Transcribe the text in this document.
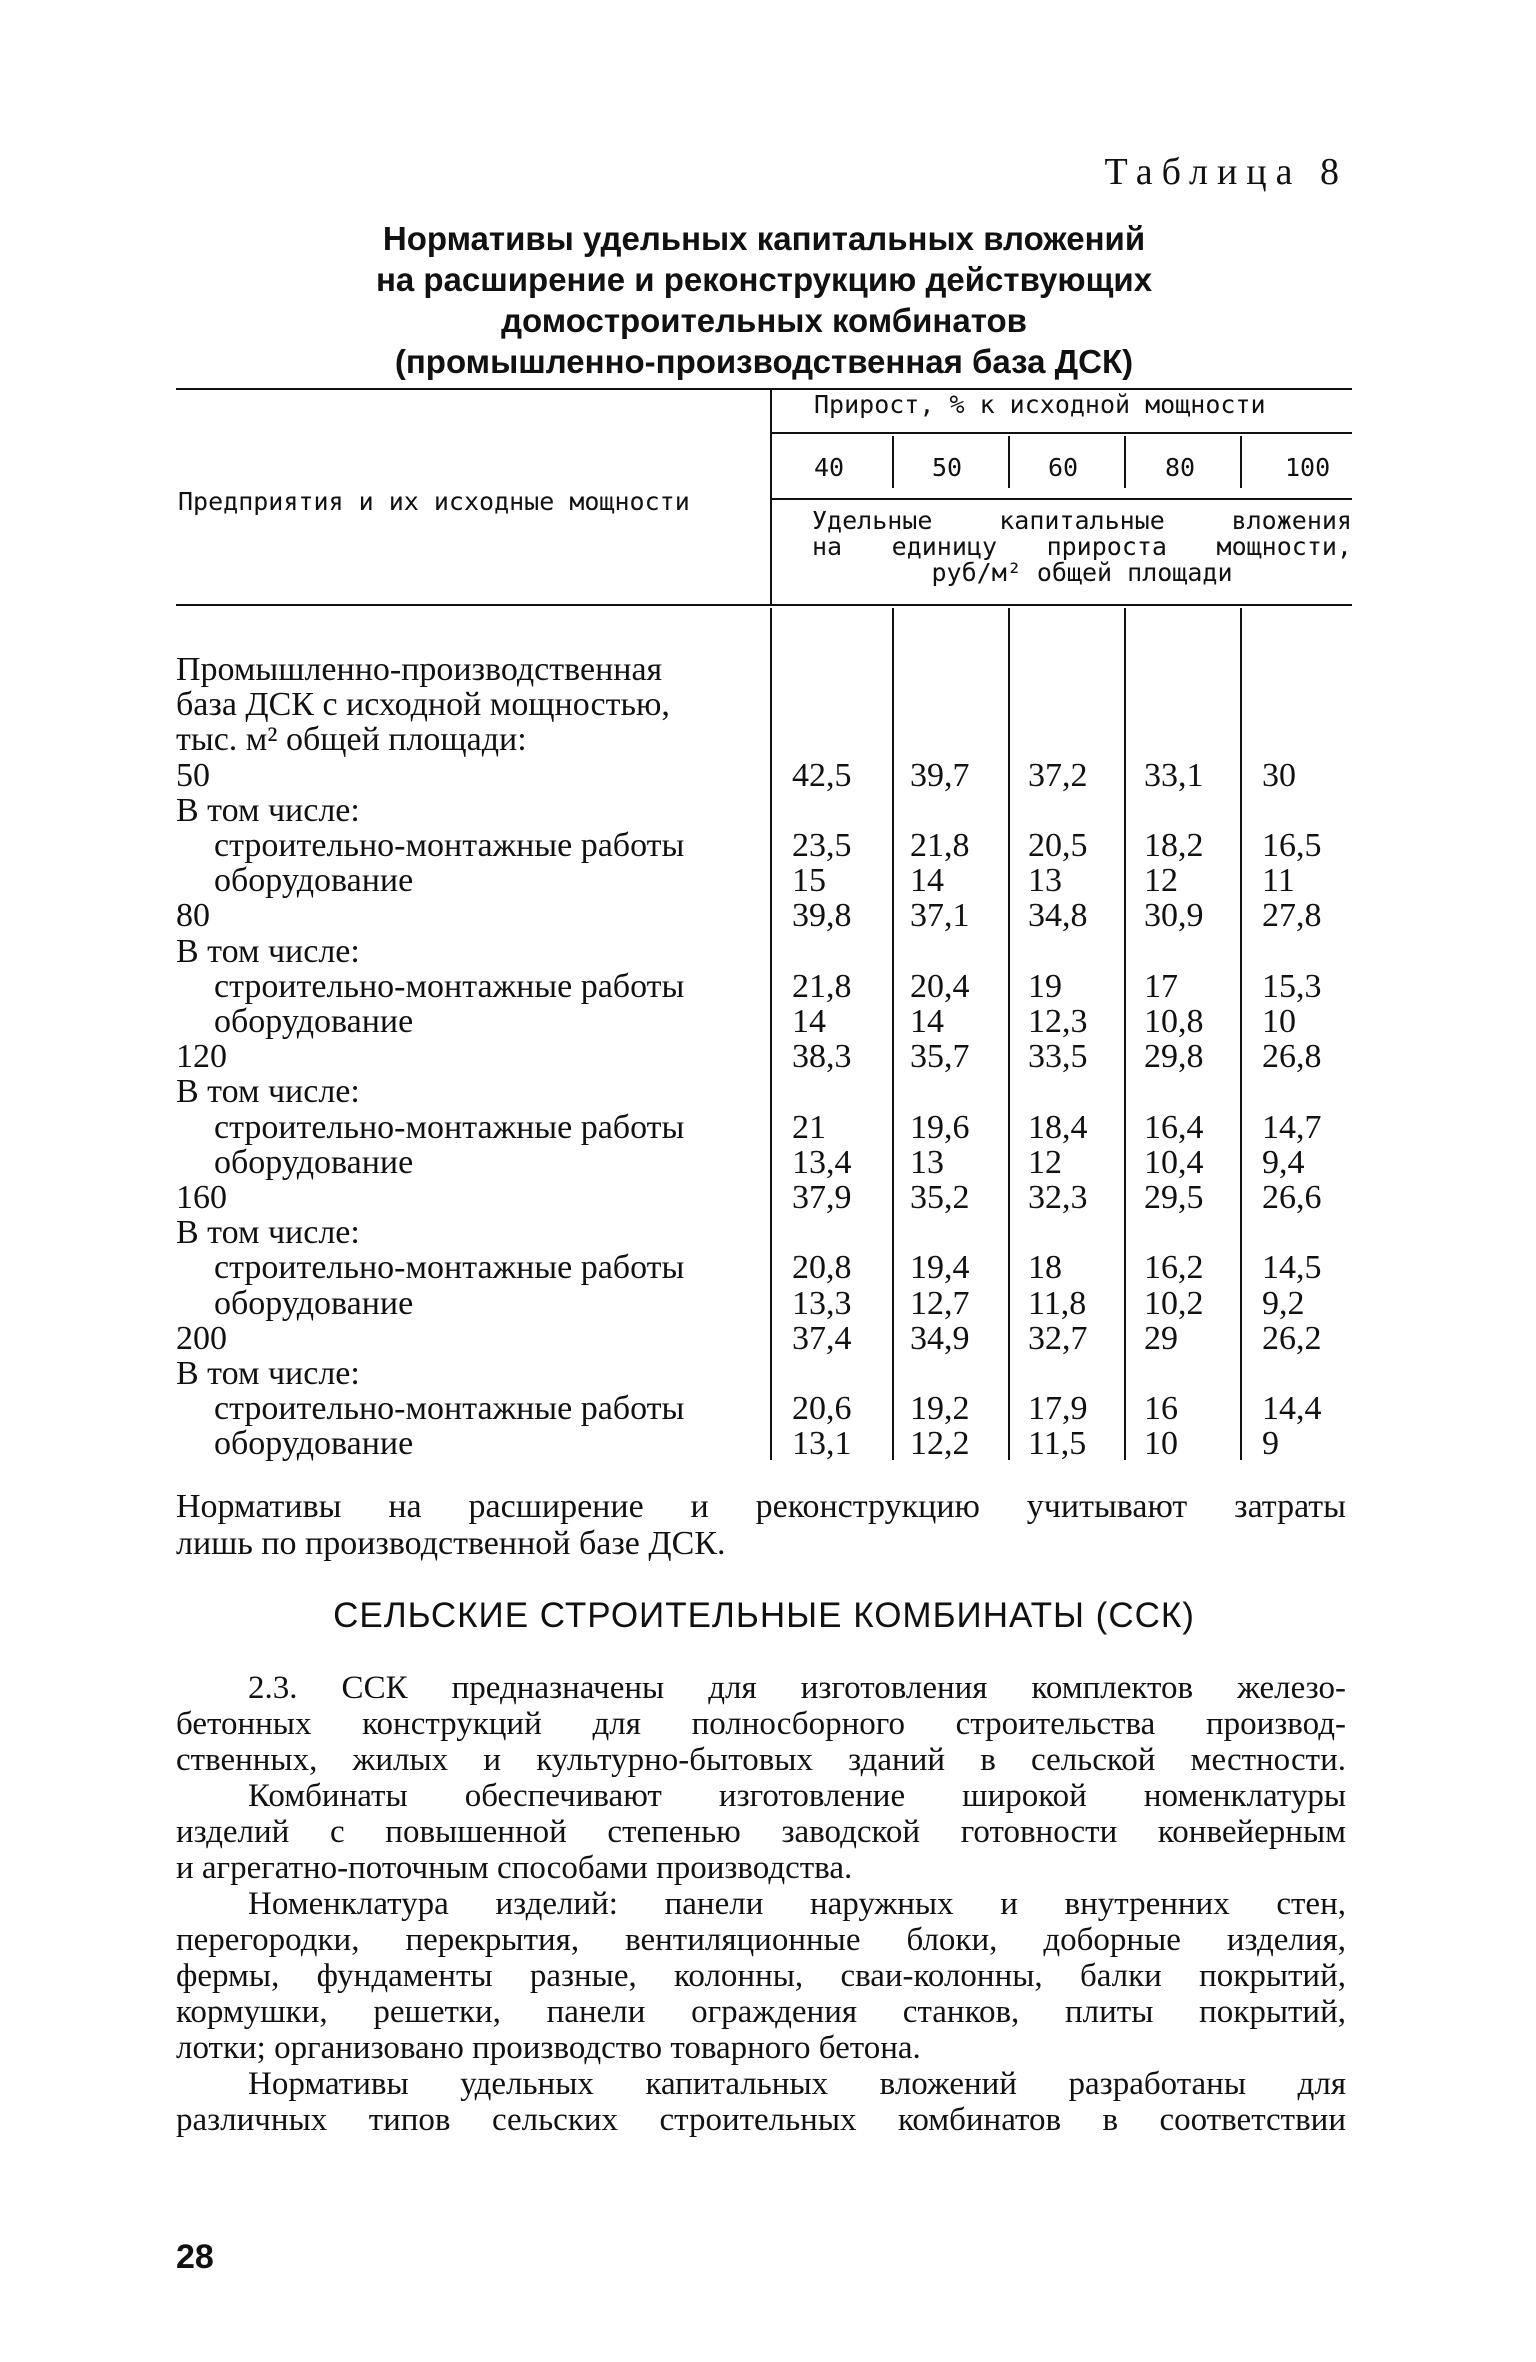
Таблица 8
Нормативы удельных капитальных вложений
на расширение и реконструкцию действующих
домостроительных комбинатов
(промышленно-производственная база ДСК)
Предприятия и их исходные мощности
Прирост, % к исходной мощности
40	50	60	80	100
Удельные капитальные вложения
на единицу прироста мощности,
руб/м² общей площади
Промышленно-производственная
база ДСК с исходной мощностью,
тыс. м² общей площади:
50	42,5 39,7 37,2 33,1 30
В том числе:
строительно-монтажные работы	23,5 21,8 20,5 18,2 16,5
оборудование	15 14 13 12 11
80	39,8 37,1 34,8 30,9 27,8
В том числе:
строительно-монтажные работы	21,8 20,4 19 17 15,3
оборудование	14 14 12,3 10,8 10
120	38,3 35,7 33,5 29,8 26,8
В том числе:
строительно-монтажные работы	21 19,6 18,4 16,4 14,7
оборудование	13,4 13 12 10,4 9,4
160	37,9 35,2 32,3 29,5 26,6
В том числе:
строительно-монтажные работы	20,8 19,4 18 16,2 14,5
оборудование	13,3 12,7 11,8 10,2 9,2
200	37,4 34,9 32,7 29 26,2
В том числе:
строительно-монтажные работы	20,6 19,2 17,9 16 14,4
оборудование	13,1 12,2 11,5 10 9
Нормативы на расширение и реконструкцию учитывают затраты
лишь по производственной базе ДСК.
СЕЛЬСКИЕ СТРОИТЕЛЬНЫЕ КОМБИНАТЫ (ССК)
2.3. ССК предназначены для изготовления комплектов железо-
бетонных конструкций для полносборного строительства производ-
ственных, жилых и культурно-бытовых зданий в сельской местности.
Комбинаты обеспечивают изготовление широкой номенклатуры
изделий с повышенной степенью заводской готовности конвейерным
и агрегатно-поточным способами производства.
Номенклатура изделий: панели наружных и внутренних стен,
перегородки, перекрытия, вентиляционные блоки, доборные изделия,
фермы, фундаменты разные, колонны, сваи-колонны, балки покрытий,
кормушки, решетки, панели ограждения станков, плиты покрытий,
лотки; организовано производство товарного бетона.
Нормативы удельных капитальных вложений разработаны для
различных типов сельских строительных комбинатов в соответствии
28
